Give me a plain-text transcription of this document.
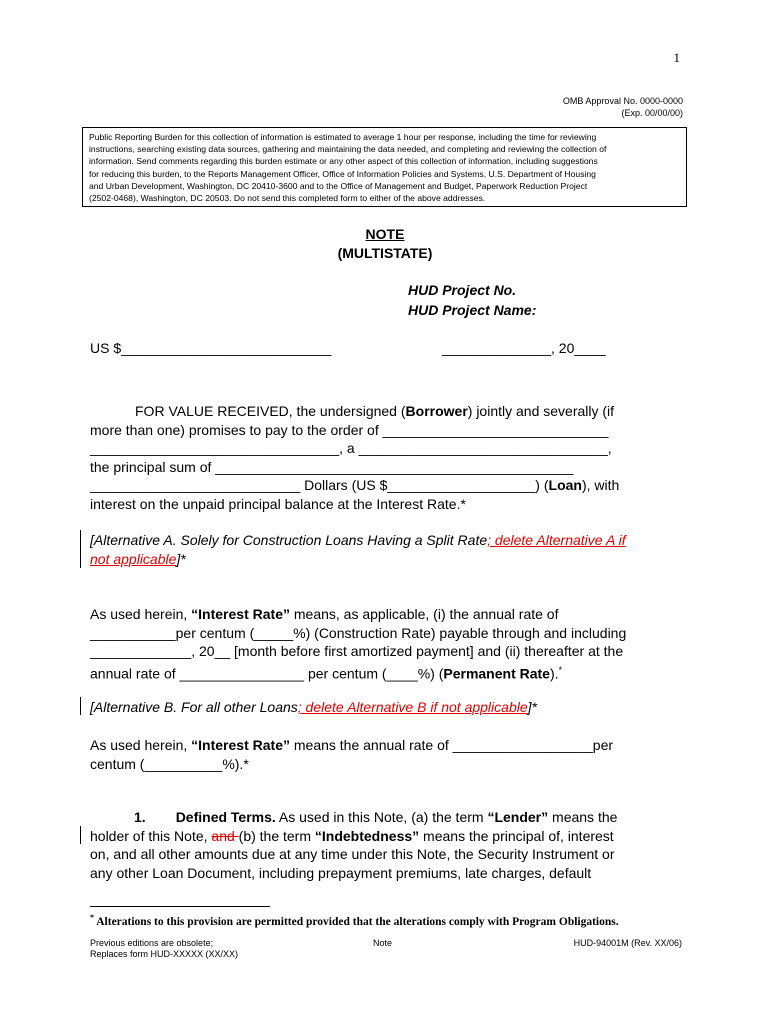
1
OMB Approval No. 0000-0000
(Exp. 00/00/00)
Public Reporting Burden for this collection of information is estimated to average 1 hour per response, including the time for reviewing
instructions, searching existing data sources, gathering and maintaining the data needed, and completing and reviewing the collection of
information. Send comments regarding this burden estimate or any other aspect of this collection of information, including suggestions
for reducing this burden, to the Reports Management Officer, Office of Information Policies and Systems, U.S. Department of Housing
and Urban Development, Washington, DC 20410-3600 and to the Office of Management and Budget, Paperwork Reduction Project
(2502-0468), Washington, DC 20503. Do not send this completed form to either of the above addresses.
NOTE
(MULTISTATE)
HUD Project No.
HUD Project Name:
US $___________________________	______________, 20____
FOR VALUE RECEIVED, the undersigned (Borrower) jointly and severally (if
more than one) promises to pay to the order of _____________________________
________________________________, a ________________________________,
the principal sum of ______________________________________________
___________________________ Dollars (US $___________________) (Loan), with
interest on the unpaid principal balance at the Interest Rate.*
[Alternative A. Solely for Construction Loans Having a Split Rate; delete Alternative A if
not applicable]*
As used herein, “Interest Rate” means, as applicable, (i) the annual rate of
___________per centum (_____%) (Construction Rate) payable through and including
_____________, 20__ [month before first amortized payment] and (ii) thereafter at the
annual rate of ________________ per centum (____%) (Permanent Rate).*
[Alternative B. For all other Loans; delete Alternative B if not applicable]*
As used herein, “Interest Rate” means the annual rate of __________________per
centum (__________%).*
1. Defined Terms. As used in this Note, (a) the term “Lender” means the
holder of this Note, and (b) the term “Indebtedness” means the principal of, interest
on, and all other amounts due at any time under this Note, the Security Instrument or
any other Loan Document, including prepayment premiums, late charges, default
* Alterations to this provision are permitted provided that the alterations comply with Program Obligations.
Previous editions are obsolete;
Replaces form HUD-XXXXX (XX/XX)
Note	HUD-94001M (Rev. XX/06)
